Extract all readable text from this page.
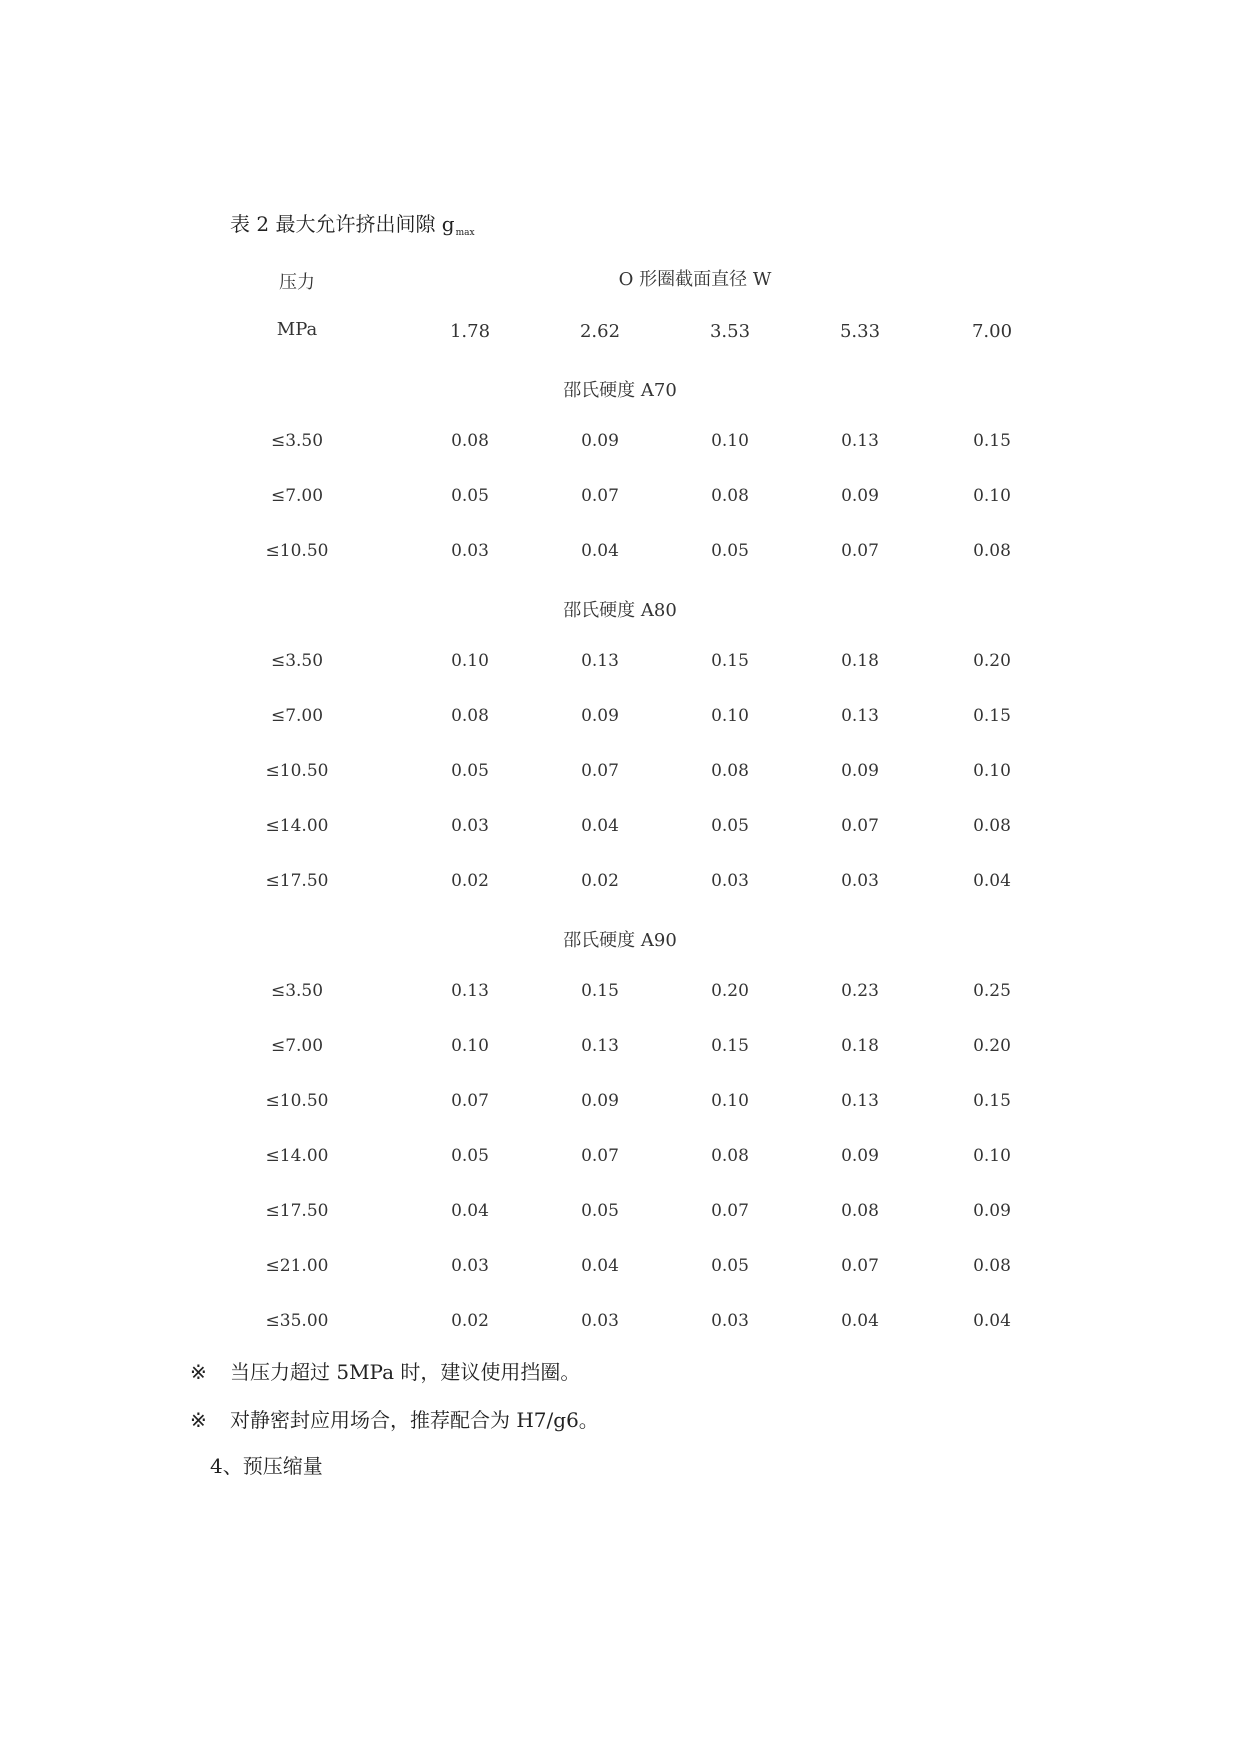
表 2 最大允许挤出间隙 $g_{max}$
压力	O 形圈截面直径 W
MPa	1.78	2.62	3.53	5.33	7.00
邵氏硬度 A70
≤3.50	0.08	0.09	0.10	0.13	0.15
≤7.00	0.05	0.07	0.08	0.09	0.10
≤10.50	0.03	0.04	0.05	0.07	0.08
邵氏硬度 A80
≤3.50	0.10	0.13	0.15	0.18	0.20
≤7.00	0.08	0.09	0.10	0.13	0.15
≤10.50	0.05	0.07	0.08	0.09	0.10
≤14.00	0.03	0.04	0.05	0.07	0.08
≤17.50	0.02	0.02	0.03	0.03	0.04
邵氏硬度 A90
≤3.50	0.13	0.15	0.20	0.23	0.25
≤7.00	0.10	0.13	0.15	0.18	0.20
≤10.50	0.07	0.09	0.10	0.13	0.15
≤14.00	0.05	0.07	0.08	0.09	0.10
≤17.50	0.04	0.05	0.07	0.08	0.09
≤21.00	0.03	0.04	0.05	0.07	0.08
≤35.00	0.02	0.03	0.03	0.04	0.04
※ 当压力超过 5MPa 时，建议使用挡圈。
※ 对静密封应用场合，推荐配合为 H7/g6。
4、预压缩量
